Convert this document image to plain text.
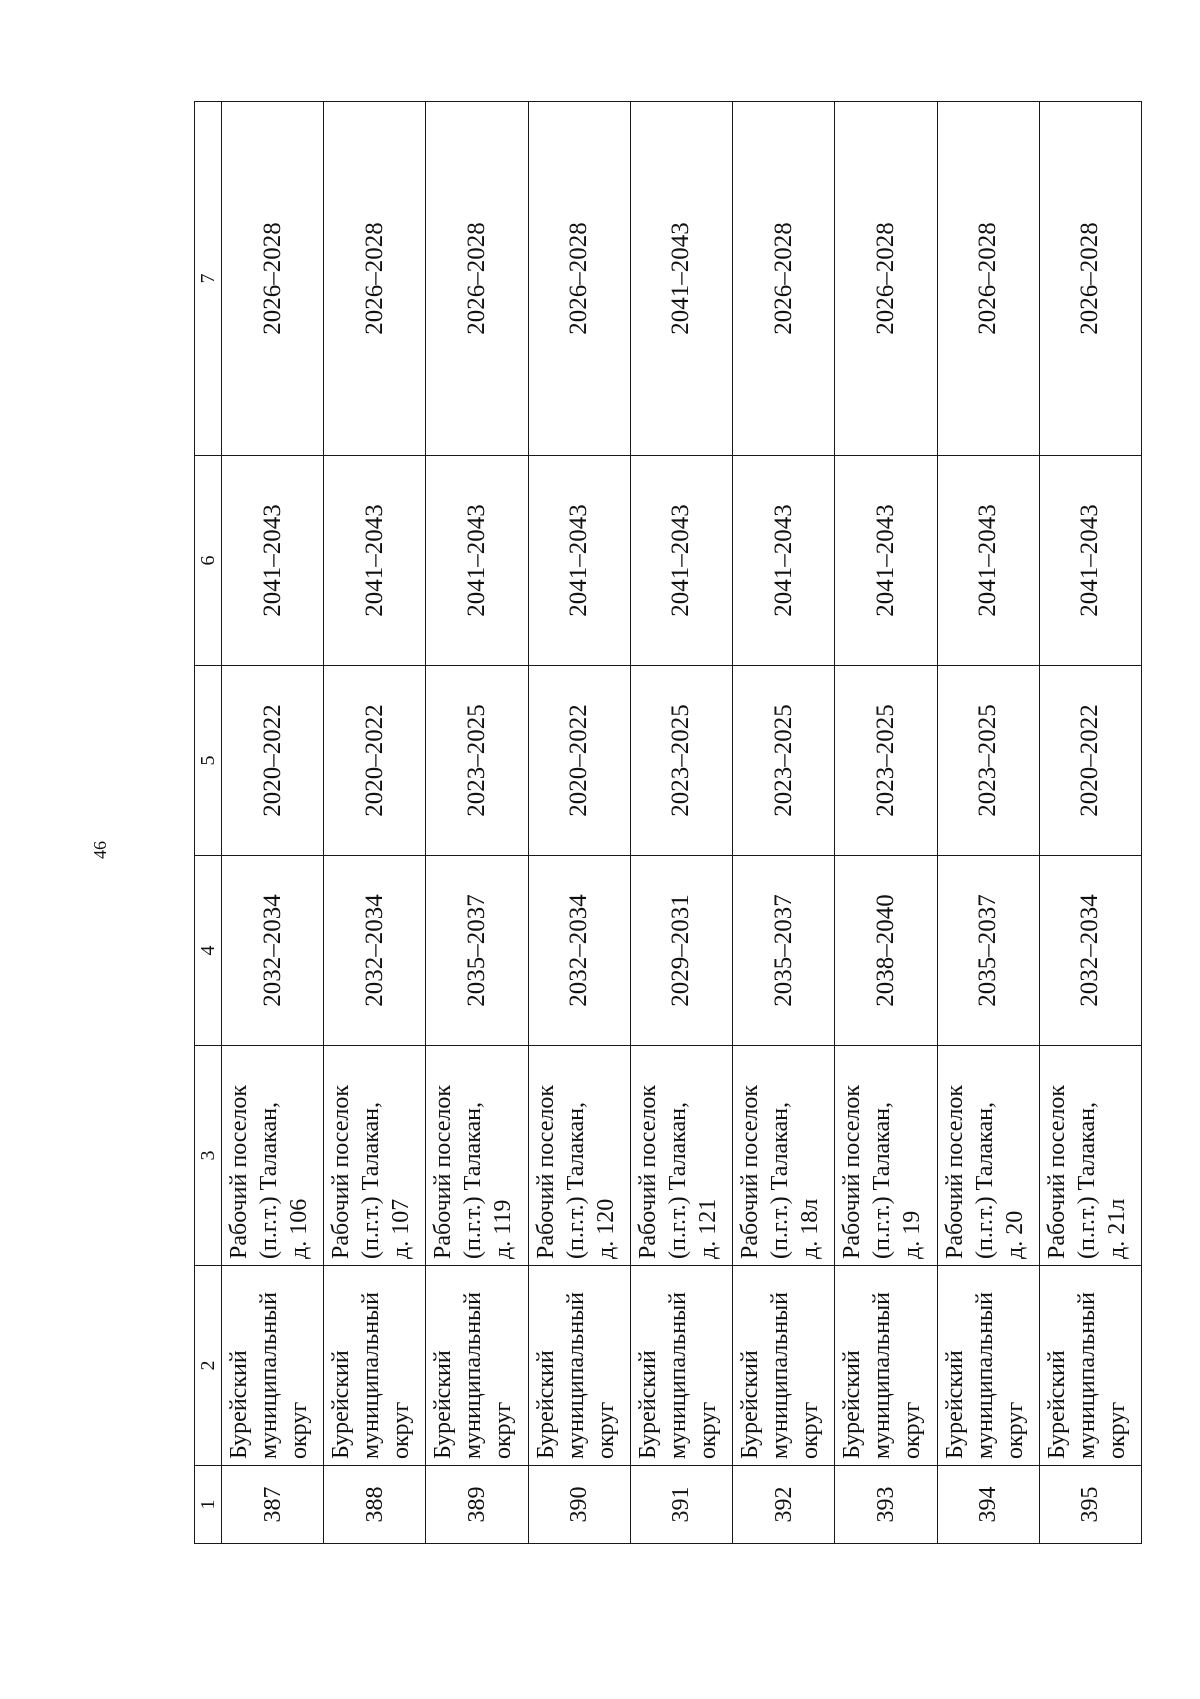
46
1	2	3	4	5	6	7
387	Бурейский муниципальный округ	Рабочий поселок (п.г.т.) Талакан, д. 106	2032–2034	2020–2022	2041–2043	2026–2028
388	Бурейский муниципальный округ	Рабочий поселок (п.г.т.) Талакан, д. 107	2032–2034	2020–2022	2041–2043	2026–2028
389	Бурейский муниципальный округ	Рабочий поселок (п.г.т.) Талакан, д. 119	2035–2037	2023–2025	2041–2043	2026–2028
390	Бурейский муниципальный округ	Рабочий поселок (п.г.т.) Талакан, д. 120	2032–2034	2020–2022	2041–2043	2026–2028
391	Бурейский муниципальный округ	Рабочий поселок (п.г.т.) Талакан, д. 121	2029–2031	2023–2025	2041–2043	2041–2043
392	Бурейский муниципальный округ	Рабочий поселок (п.г.т.) Талакан, д. 18л	2035–2037	2023–2025	2041–2043	2026–2028
393	Бурейский муниципальный округ	Рабочий поселок (п.г.т.) Талакан, д. 19	2038–2040	2023–2025	2041–2043	2026–2028
394	Бурейский муниципальный округ	Рабочий поселок (п.г.т.) Талакан, д. 20	2035–2037	2023–2025	2041–2043	2026–2028
395	Бурейский муниципальный округ	Рабочий поселок (п.г.т.) Талакан, д. 21л	2032–2034	2020–2022	2041–2043	2026–2028
